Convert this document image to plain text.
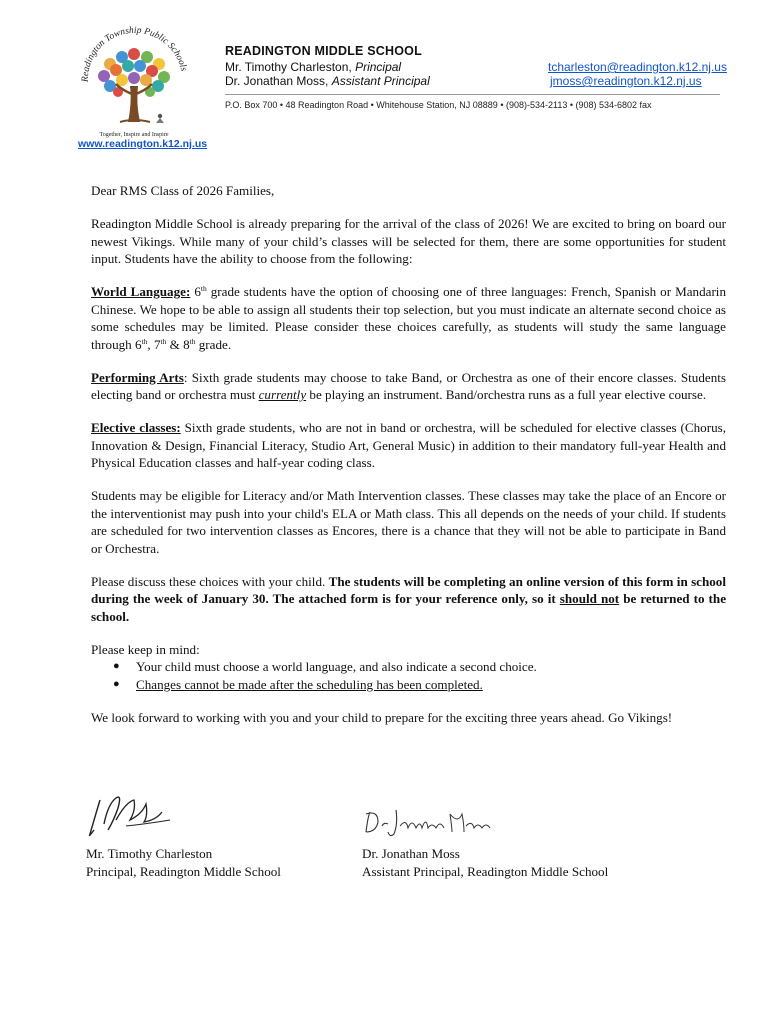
Readington Township Public Schools
Together, Inspire and Inspire
www.readington.k12.nj.us
READINGTON MIDDLE SCHOOL
Mr. Timothy Charleston, Principal
Dr. Jonathan Moss, Assistant Principal
tcharleston@readington.k12.nj.us
jmoss@readington.k12.nj.us
P.O. Box 700 • 48 Readington Road • Whitehouse Station, NJ 08889 • (908)-534-2113 • (908) 534-6802 fax

Dear RMS Class of 2026 Families,

Readington Middle School is already preparing for the arrival of the class of 2026! We are excited to bring on board our newest Vikings. While many of your child’s classes will be selected for them, there are some opportunities for student input. Students have the ability to choose from the following:

World Language: 6th grade students have the option of choosing one of three languages: French, Spanish or Mandarin Chinese. We hope to be able to assign all students their top selection, but you must indicate an alternate second choice as some schedules may be limited. Please consider these choices carefully, as students will study the same language through 6th, 7th & 8th grade.

Performing Arts: Sixth grade students may choose to take Band, or Orchestra as one of their encore classes. Students electing band or orchestra must currently be playing an instrument. Band/orchestra runs as a full year elective course.

Elective classes: Sixth grade students, who are not in band or orchestra, will be scheduled for elective classes (Chorus, Innovation & Design, Financial Literacy, Studio Art, General Music) in addition to their mandatory full-year Health and Physical Education classes and half-year coding class.

Students may be eligible for Literacy and/or Math Intervention classes. These classes may take the place of an Encore or the interventionist may push into your child's ELA or Math class. This all depends on the needs of your child. If students are scheduled for two intervention classes as Encores, there is a chance that they will not be able to participate in Band or Orchestra.

Please discuss these choices with your child. The students will be completing an online version of this form in school during the week of January 30. The attached form is for your reference only, so it should not be returned to the school.

Please keep in mind:
● Your child must choose a world language, and also indicate a second choice.
● Changes cannot be made after the scheduling has been completed.

We look forward to working with you and your child to prepare for the exciting three years ahead. Go Vikings!

Mr. Timothy Charleston
Principal, Readington Middle School
Dr. Jonathan Moss
Assistant Principal, Readington Middle School
